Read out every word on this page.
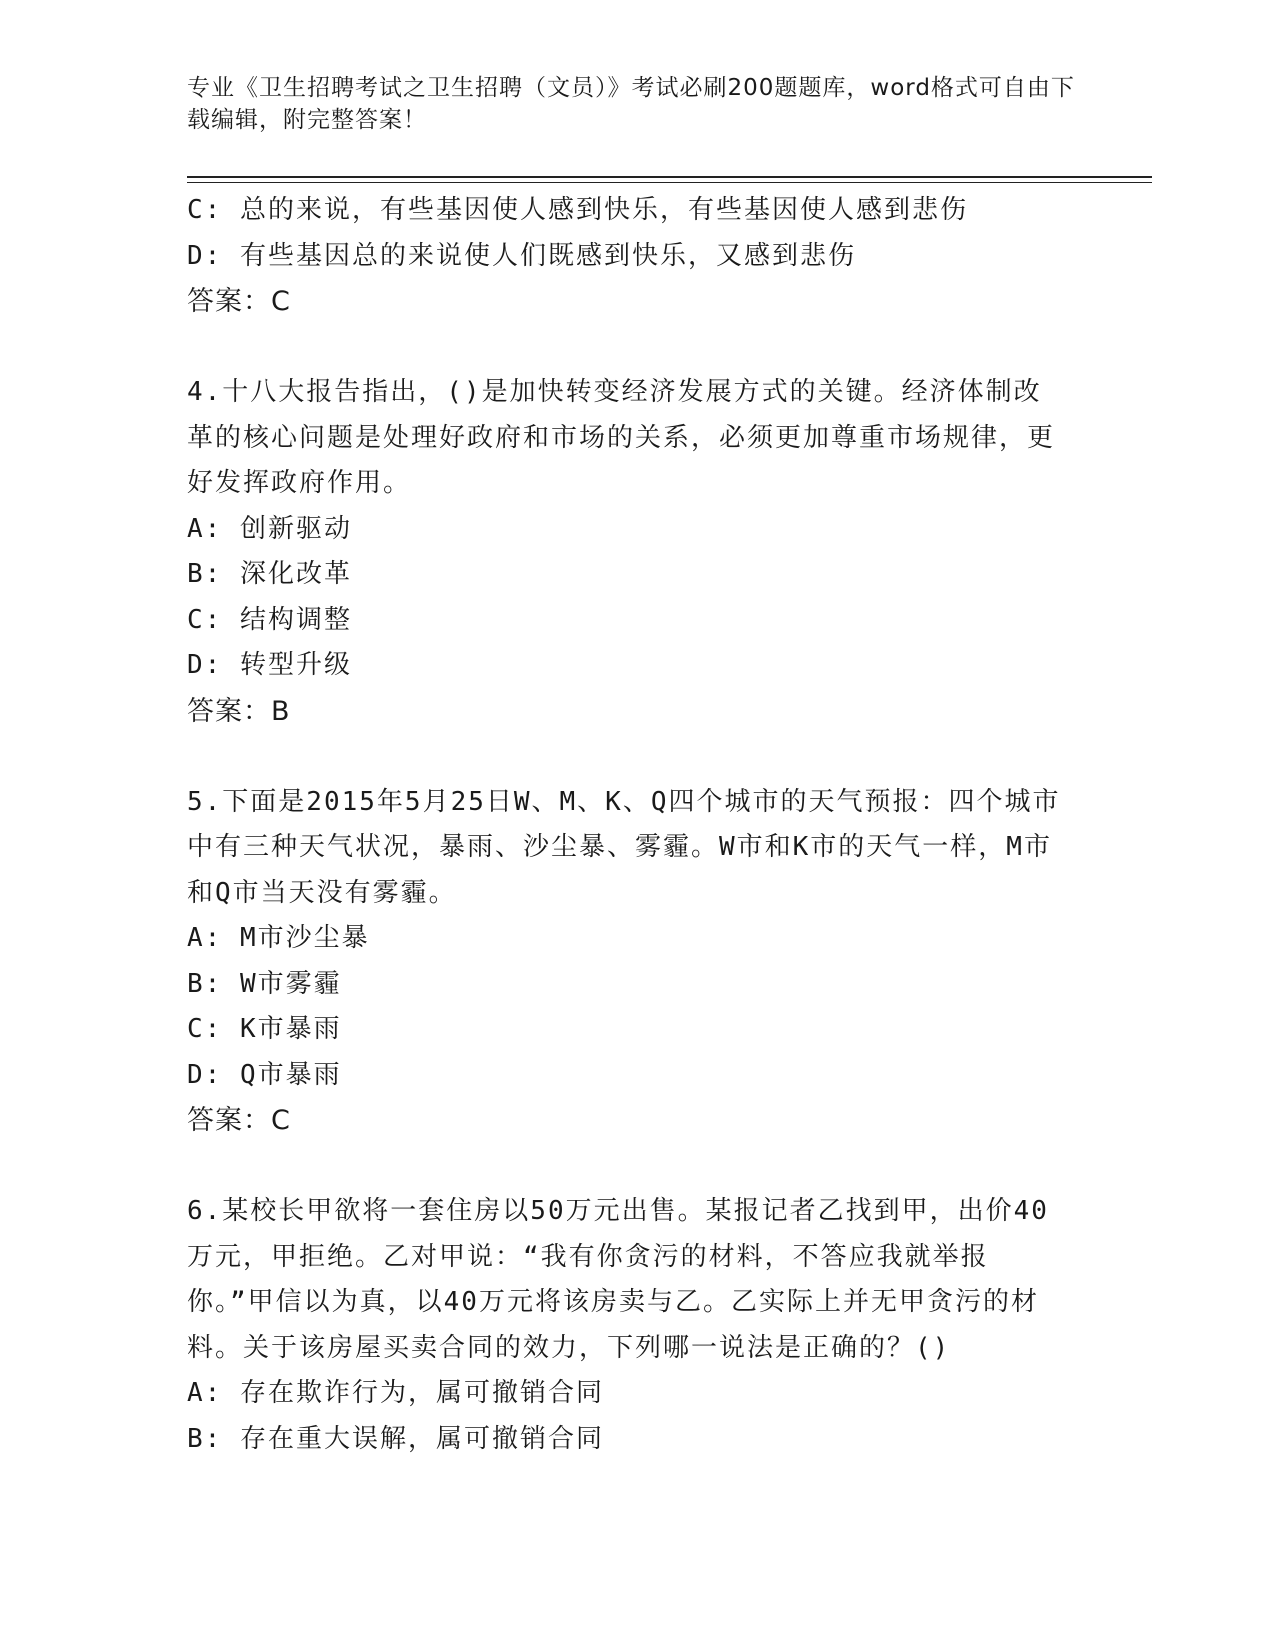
专业《卫生招聘考试之卫生招聘（文员）》考试必刷200题题库，word格式可自由下载编辑，附完整答案！
C: 总的来说，有些基因使人感到快乐，有些基因使人感到悲伤
D: 有些基因总的来说使人们既感到快乐，又感到悲伤
答案：C
4.十八大报告指出，()是加快转变经济发展方式的关键。经济体制改革的核心问题是处理好政府和市场的关系，必须更加尊重市场规律，更好发挥政府作用。
A: 创新驱动
B: 深化改革
C: 结构调整
D: 转型升级
答案：B
5.下面是2015年5月25日W、M、K、Q四个城市的天气预报：四个城市中有三种天气状况，暴雨、沙尘暴、雾霾。W市和K市的天气一样，M市和Q市当天没有雾霾。
A: M市沙尘暴
B: W市雾霾
C: K市暴雨
D: Q市暴雨
答案：C
6.某校长甲欲将一套住房以50万元出售。某报记者乙找到甲，出价40万元，甲拒绝。乙对甲说：“我有你贪污的材料，不答应我就举报你。”甲信以为真，以40万元将该房卖与乙。乙实际上并无甲贪污的材料。关于该房屋买卖合同的效力，下列哪一说法是正确的？()
A: 存在欺诈行为，属可撤销合同
B: 存在重大误解，属可撤销合同
